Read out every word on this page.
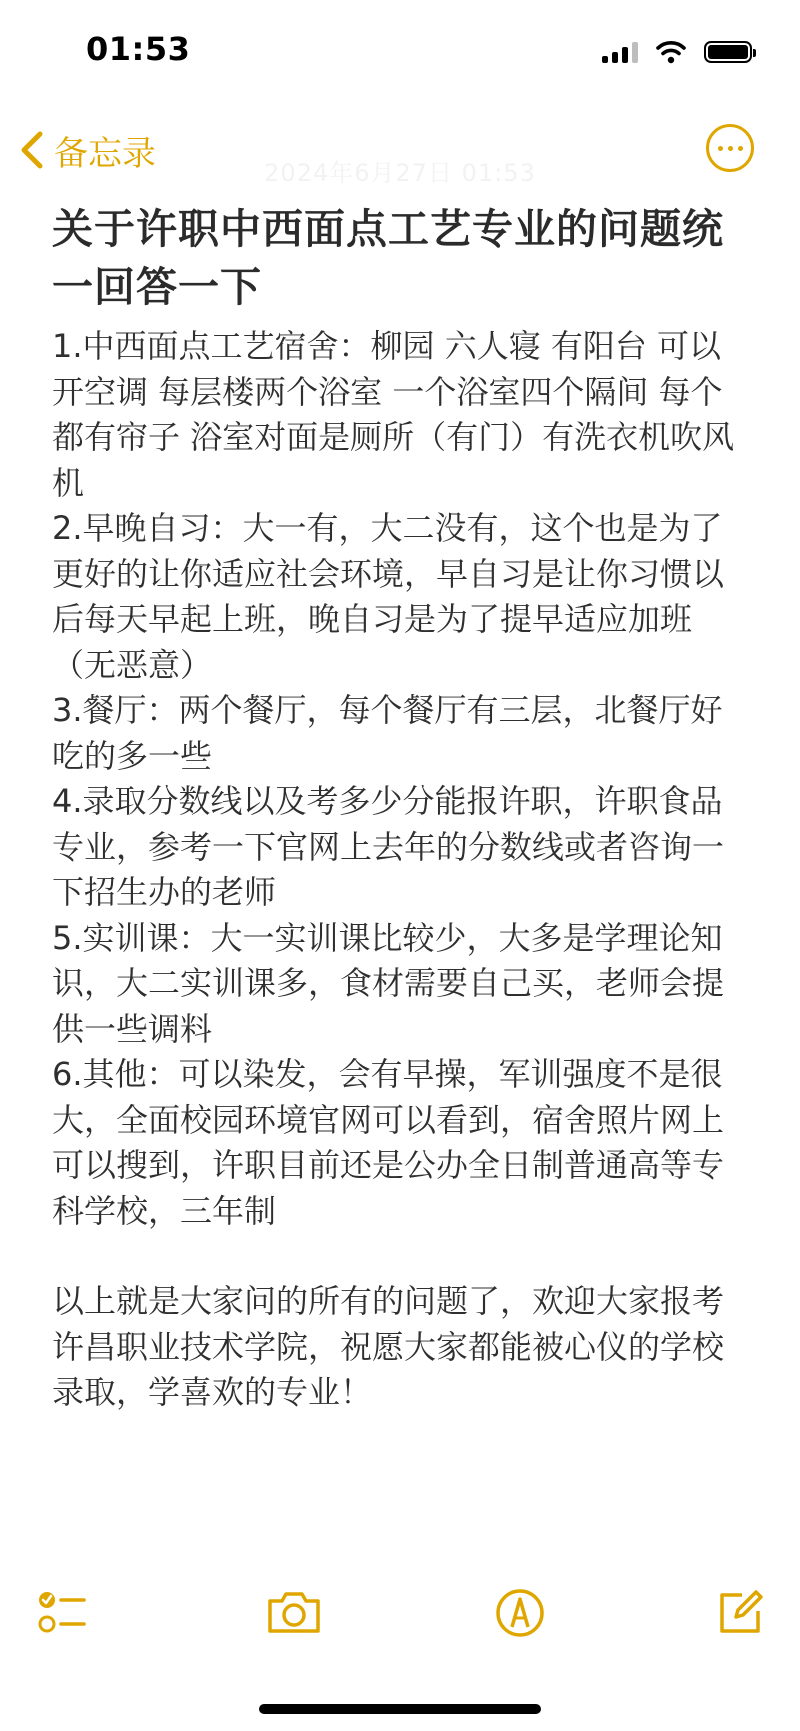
01:53
备忘录	2024年6月27日 01:53
关于许职中西面点工艺专业的问题统一回答一下

1.中西面点工艺宿舍：柳园 六人寝 有阳台 可以开空调 每层楼两个浴室 一个浴室四个隔间 每个都有帘子 浴室对面是厕所（有门）有洗衣机吹风机

2.早晚自习：大一有，大二没有，这个也是为了更好的让你适应社会环境，早自习是让你习惯以后每天早起上班，晚自习是为了提早适应加班（无恶意）

3.餐厅：两个餐厅，每个餐厅有三层，北餐厅好吃的多一些

4.录取分数线以及考多少分能报许职，许职食品专业，参考一下官网上去年的分数线或者咨询一下招生办的老师

5.实训课：大一实训课比较少，大多是学理论知识，大二实训课多，食材需要自己买，老师会提供一些调料

6.其他：可以染发，会有早操，军训强度不是很大，全面校园环境官网可以看到，宿舍照片网上可以搜到，许职目前还是公办全日制普通高等专科学校，三年制

以上就是大家问的所有的问题了，欢迎大家报考许昌职业技术学院，祝愿大家都能被心仪的学校录取，学喜欢的专业！
